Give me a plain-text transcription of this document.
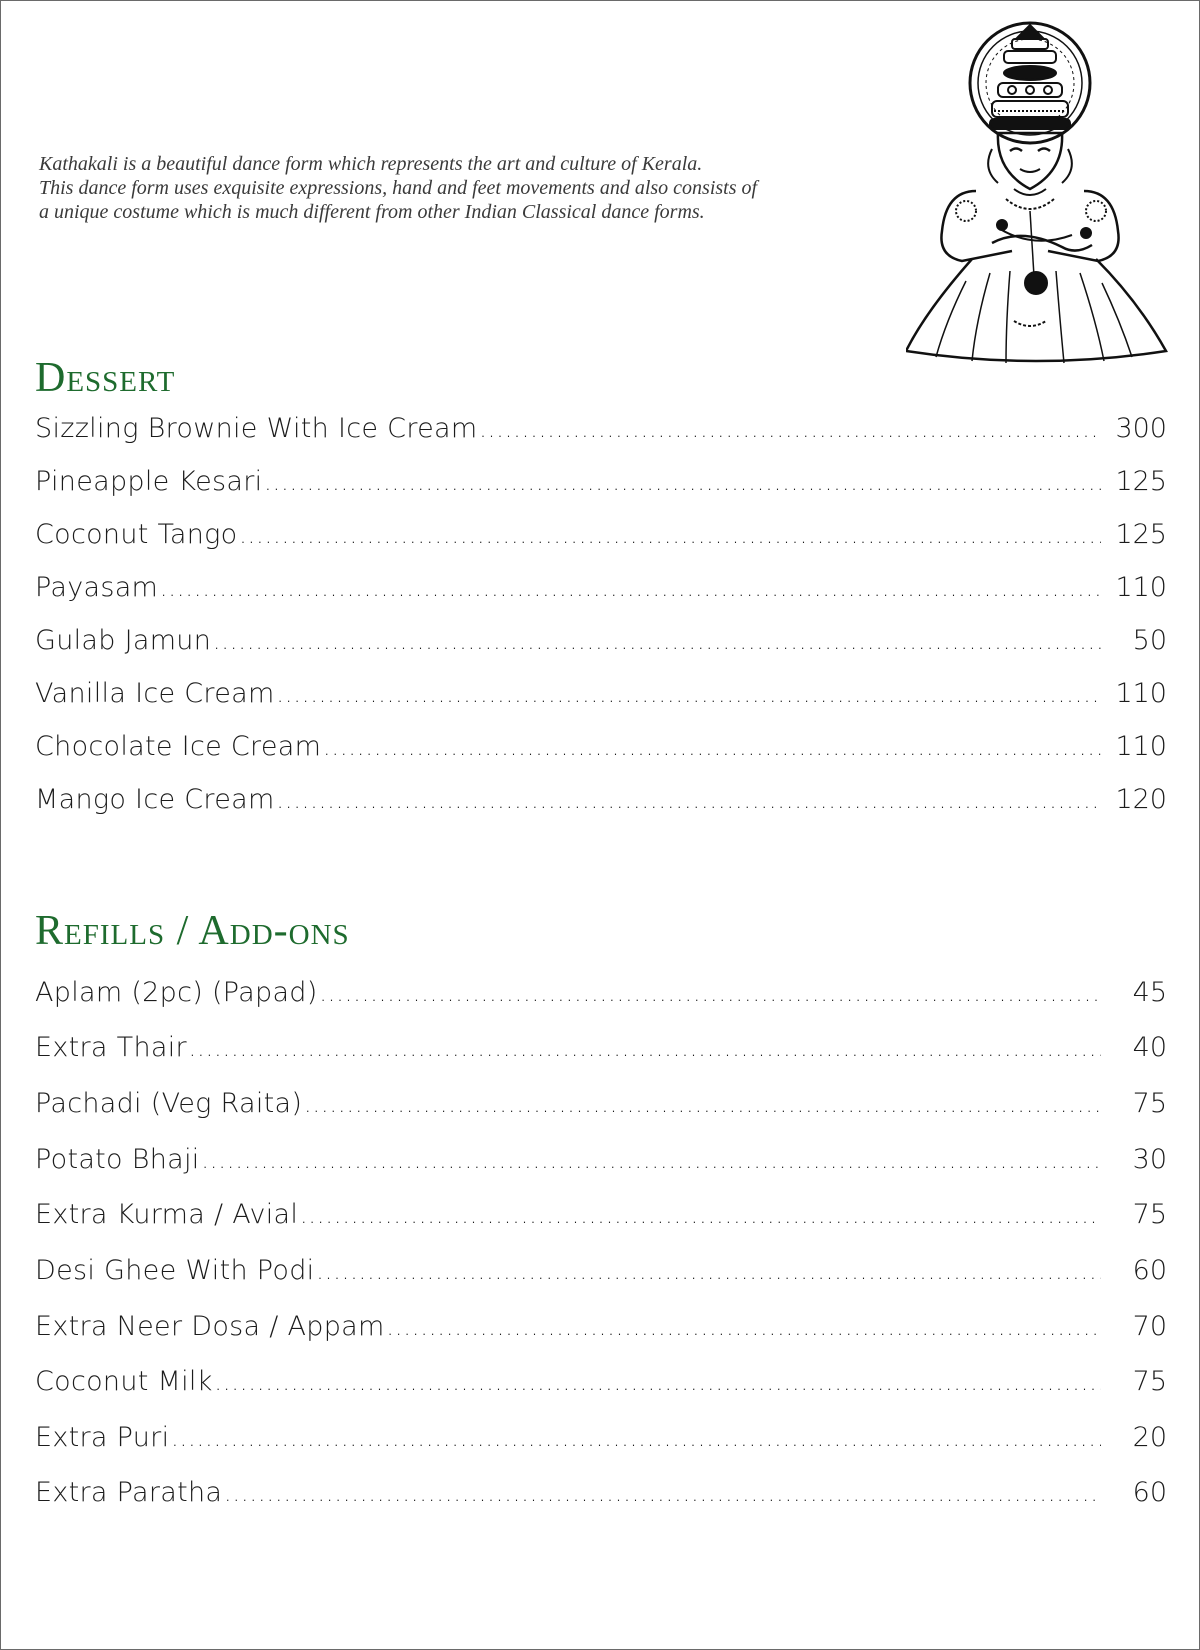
Kathakali is a beautiful dance form which represents the art and culture of Kerala.
This dance form uses exquisite expressions, hand and feet movements and also consists of
a unique costume which is much different from other Indian Classical dance forms.
Dessert
Sizzling Brownie With Ice Cream .....	300
Pineapple Kesari .....	125
Coconut Tango .....	125
Payasam .....	110
Gulab Jamun .....	50
Vanilla Ice Cream .....	110
Chocolate Ice Cream .....	110
Mango Ice Cream .....	120
Refills / Add-ons
Aplam (2pc) (Papad) .....	45
Extra Thair .....	40
Pachadi (Veg Raita) .....	75
Potato Bhaji .....	30
Extra Kurma / Avial .....	75
Desi Ghee With Podi .....	60
Extra Neer Dosa / Appam .....	70
Coconut Milk .....	75
Extra Puri .....	20
Extra Paratha .....	60
